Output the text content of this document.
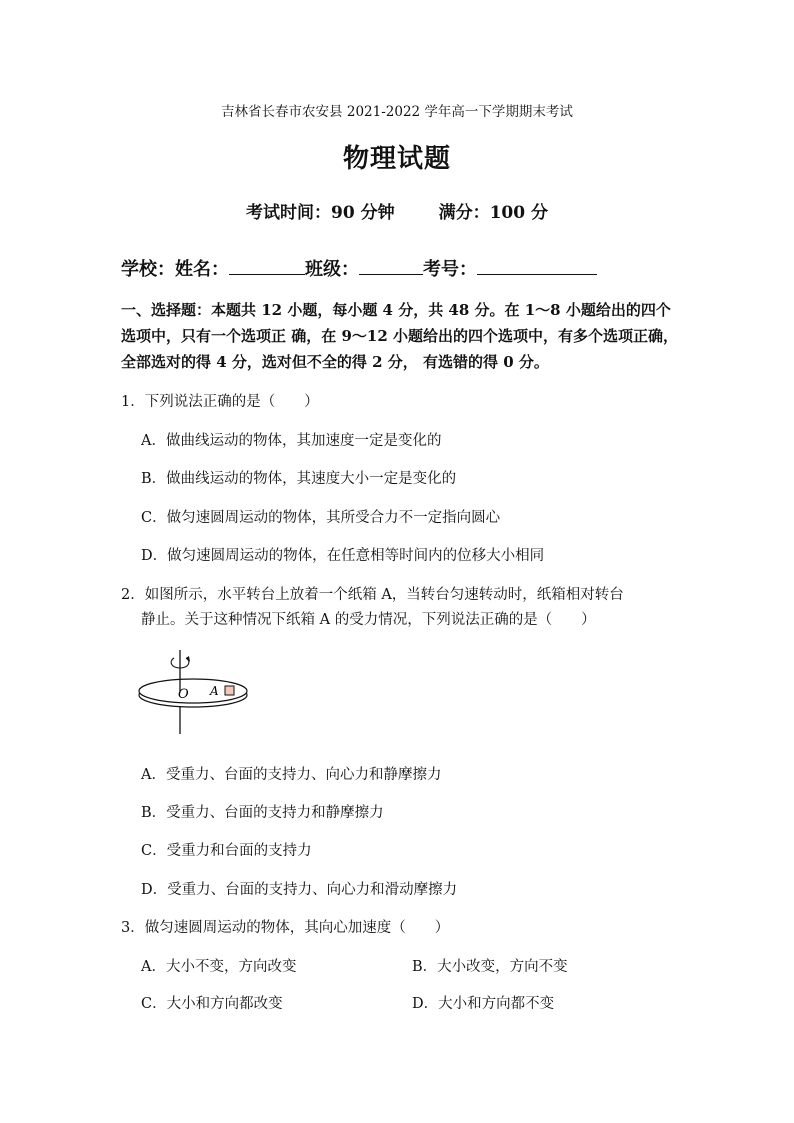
吉林省长春市农安县 2021-2022 学年高一下学期期末考试
物理试题
考试时间：90 分钟	满分：100 分
学校：姓名：	班级：	考号：
一、选择题：本题共 12 小题，每小题 4 分，共 48 分。在 1～8 小题给出的四个选项中，只有一个选项正 确，在 9～12 小题给出的四个选项中，有多个选项正确，全部选对的得 4 分，选对但不全的得 2 分， 有选错的得 0 分。
1．下列说法正确的是（　　）
A．做曲线运动的物体，其加速度一定是变化的
B．做曲线运动的物体，其速度大小一定是变化的
C．做匀速圆周运动的物体，其所受合力不一定指向圆心
D．做匀速圆周运动的物体，在任意相等时间内的位移大小相同
2．如图所示，水平转台上放着一个纸箱 A，当转台匀速转动时，纸箱相对转台
静止。关于这种情况下纸箱 A 的受力情况，下列说法正确的是（　　）
O A
A．受重力、台面的支持力、向心力和静摩擦力
B．受重力、台面的支持力和静摩擦力
C．受重力和台面的支持力
D．受重力、台面的支持力、向心力和滑动摩擦力
3．做匀速圆周运动的物体，其向心加速度（　　）
A．大小不变，方向改变	B．大小改变，方向不变
C．大小和方向都改变	D．大小和方向都不变
